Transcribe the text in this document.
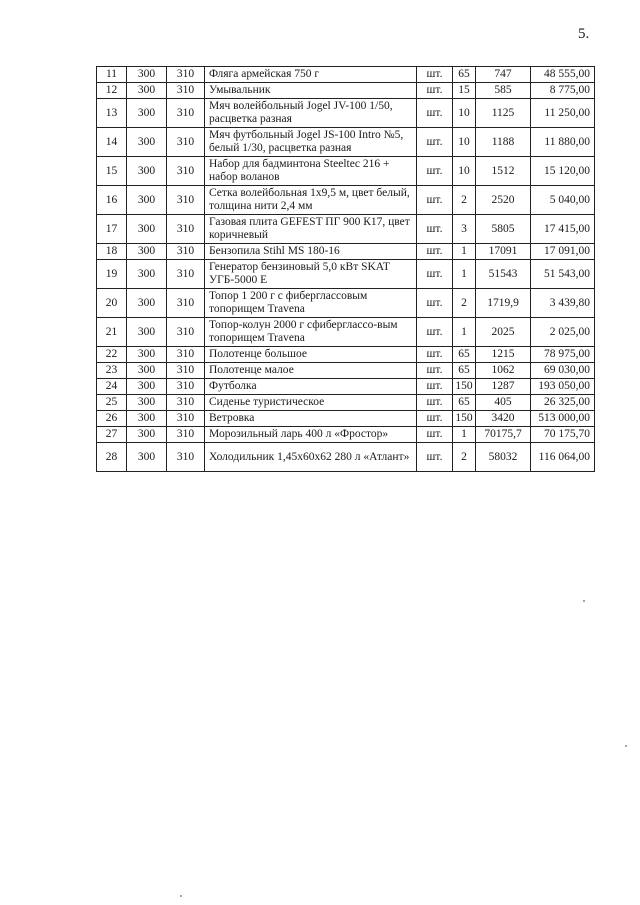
5.
11	300	310	Фляга армейская 750 г	шт.	65	747	48 555,00
12	300	310	Умывальник	шт.	15	585	8 775,00
13	300	310	Мяч волейбольный Jogel JV-100 1/50, расцветка разная	шт.	10	1125	11 250,00
14	300	310	Мяч футбольный Jogel JS-100 Intro №5, белый 1/30, расцветка разная	шт.	10	1188	11 880,00
15	300	310	Набор для бадминтона Steeltec 216 + набор воланов	шт.	10	1512	15 120,00
16	300	310	Сетка волейбольная 1х9,5 м, цвет белый, толщина нити 2,4 мм	шт.	2	2520	5 040,00
17	300	310	Газовая плита GEFEST ПГ 900 К17, цвет коричневый	шт.	3	5805	17 415,00
18	300	310	Бензопила Stihl MS 180-16	шт.	1	17091	17 091,00
19	300	310	Генератор бензиновый 5,0 кВт SKAT УГБ-5000 Е	шт.	1	51543	51 543,00
20	300	310	Топор 1 200 г с фибергласcовым топорищем Travena	шт.	2	1719,9	3 439,80
21	300	310	Топор-колун 2000 г сфибергласcо-вым топорищем Travena	шт.	1	2025	2 025,00
22	300	310	Полотенце большое	шт.	65	1215	78 975,00
23	300	310	Полотенце малое	шт.	65	1062	69 030,00
24	300	310	Футболка	шт.	150	1287	193 050,00
25	300	310	Сиденье туристическое	шт.	65	405	26 325,00
26	300	310	Ветровка	шт.	150	3420	513 000,00
27	300	310	Морозильный ларь 400 л «Фростор»	шт.	1	70175,7	70 175,70
28	300	310	Холодильник 1,45х60х62 280 л «Атлант»	шт.	2	58032	116 064,00
